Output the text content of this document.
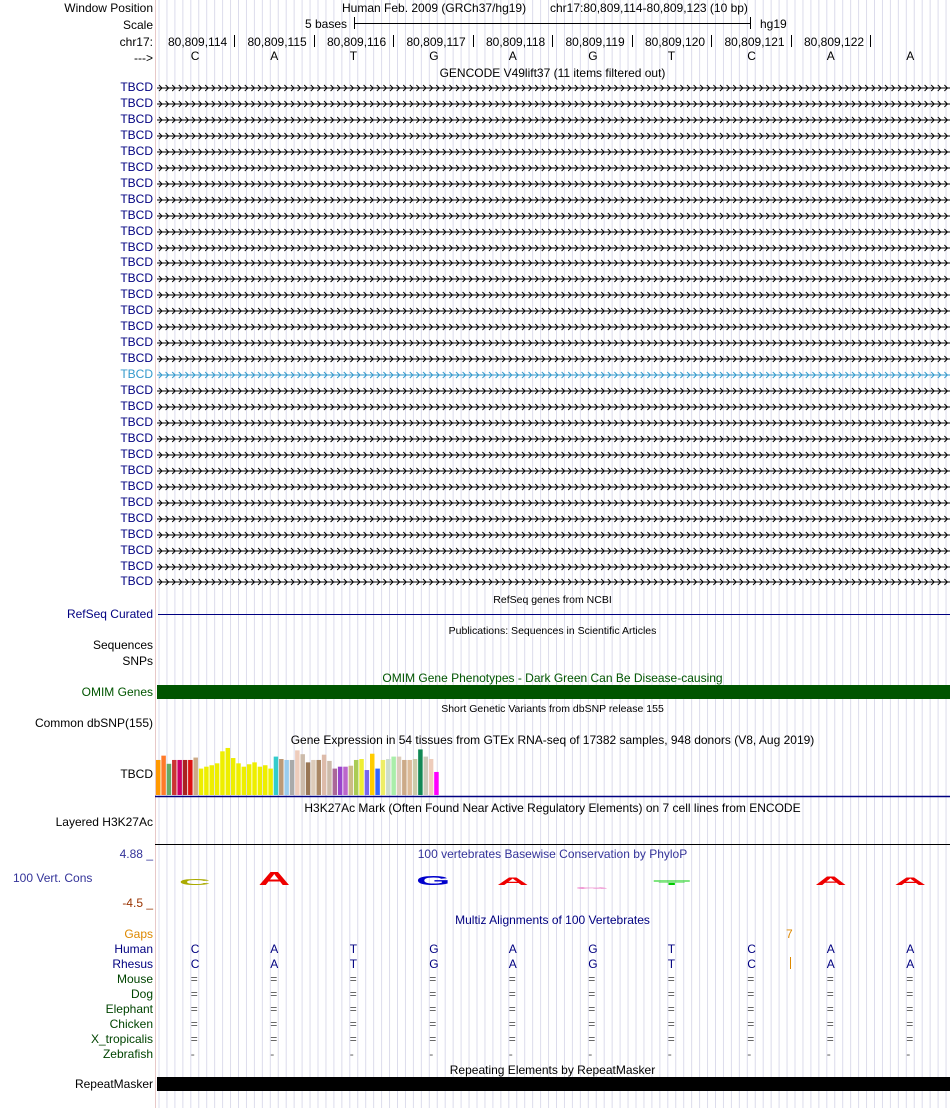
Window Position	Human Feb. 2009 (GRCh37/hg19) chr17:80,809,114-80,809,123 (10 bp)
Scale	5 bases	hg19
chr17: 80,809,114 80,809,115 80,809,116 80,809,117 80,809,118 80,809,119 80,809,120 80,809,121 80,809,122
--->	C	A	T	G	A	G	T	C	A	A
GENCODE V49lift37 (11 items filtered out)
TBCD
TBCD
TBCD
TBCD
TBCD
TBCD
TBCD
TBCD
TBCD
TBCD
TBCD
TBCD
TBCD
TBCD
TBCD
TBCD
TBCD
TBCD
TBCD
TBCD
TBCD
TBCD
TBCD
TBCD
TBCD
TBCD
TBCD
TBCD
TBCD
TBCD
TBCD
TBCD
RefSeq genes from NCBI
RefSeq Curated
Publications: Sequences in Scientific Articles
Sequences
SNPs
OMIM Gene Phenotypes - Dark Green Can Be Disease-causing
OMIM Genes
Short Genetic Variants from dbSNP release 155
Common dbSNP(155)
Gene Expression in 54 tissues from GTEx RNA-seq of 17382 samples, 948 donors (V8, Aug 2019)
TBCD
H3K27Ac Mark (Often Found Near Active Regulatory Elements) on 7 cell lines from ENCODE
Layered H3K27Ac
100 vertebrates Basewise Conservation by PhyloP
4.88 _
100 Vert. Cons
-4.5 _
C A	G A
G
T	A A
Multiz Alignments of 100 Vertebrates
Gaps	7
Human	C	A	T	G	A	G	T	C	A	A
Rhesus	C	A	T	G	A	G	T	C	A	A
Mouse	=	=	=	=	=	=	=	=	=	=
Dog	=	=	=	=	=	=	=	=	=	=
Elephant	=	=	=	=	=	=	=	=	=	=
Chicken	=	=	=	=	=	=	=	=	=	=
X_tropicalis	=	=	=	=	=	=	=	=	=	=
Zebrafish	-	-	-	-	-	-	-	-	-	-
Repeating Elements by RepeatMasker
RepeatMasker
